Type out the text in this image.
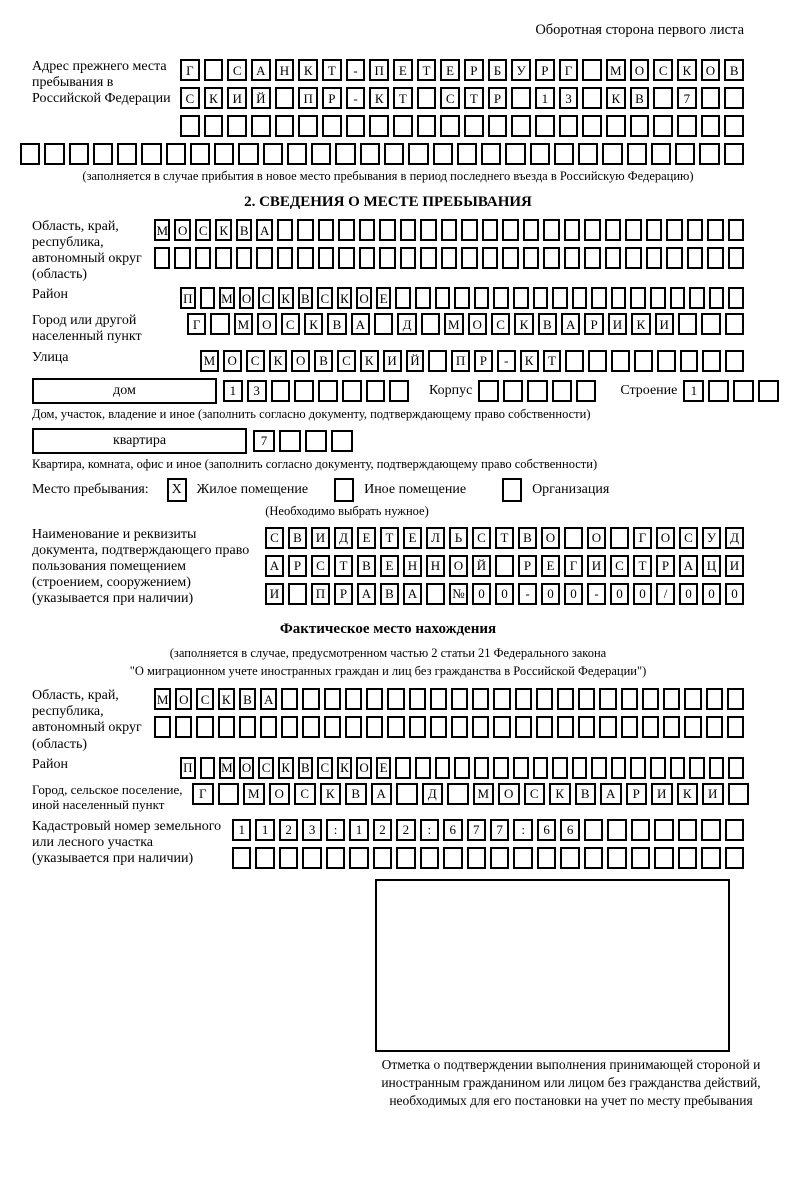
Оборотная сторона первого листа
Адрес прежнего места пребывания в Российской Федерации
Г	С	А	Н	К	Т	-	П	Е	Т	Е	Р	Б	У	Р	Г	М	О	С	К	О	В
С	К	И	Й	П	Р	-	К	Т	С	Т	Р	1	3	К	В	7
(заполняется в случае прибытия в новое место пребывания в период последнего въезда в Российскую Федерацию)
2. СВЕДЕНИЯ О МЕСТЕ ПРЕБЫВАНИЯ
Область, край, республика, автономный округ (область)
М О С К В А
Район	П М О С К В С К О Е
Город или другой населенный пункт
Г	М О	С	К	В	А	Д	М О	С	К	В	А	Р	И	К	И
Улица	М О	С	К	О	В	С	К	И	Й	П	Р	-	К	Т
дом	1	3	Корпус	Строение	1
Дом, участок, владение и иное (заполнить согласно документу, подтверждающему право собственности)
квартира	7
Квартира, комната, офис и иное (заполнить согласно документу, подтверждающему право собственности)
Место пребывания:	X	Жилое помещение	Иное помещение	Организация
(Необходимо выбрать нужное)
Наименование и реквизиты документа, подтверждающего право пользования помещением (строением, сооружением) (указывается при наличии)
С	В	И	Д	Е	Т	Е	Л	Ь	С	Т	В	О	О	Г	О	С	У	Д
А	Р	С	Т	В	Е	Н	Н	О	Й	Р	Е	Г	И	С	Т	Р	А	Ц	И
И	П	Р	А	В	А	№	0	0	-	0	0	-	0	0	/	0	0	0
Фактическое место нахождения
(заполняется в случае, предусмотренном частью 2 статьи 21 Федерального закона
"О миграционном учете иностранных граждан и лиц без гражданства в Российской Федерации")
Область, край, республика, автономный округ (область)
М О С К В А
Район	П М О С К В С К О Е
Город, сельское поселение, иной населенный пункт
Г	М	О	С	К	В	А	Д	М	О	С	К	В	А	Р	И	К	И
Кадастровый номер земельного или лесного участка (указывается при наличии)
1	1	2	3	:	1	2	2	:	6	7	7	:	6	6
Отметка о подтверждении выполнения принимающей стороной и иностранным гражданином или лицом без гражданства действий, необходимых для его постановки на учет по месту пребывания
